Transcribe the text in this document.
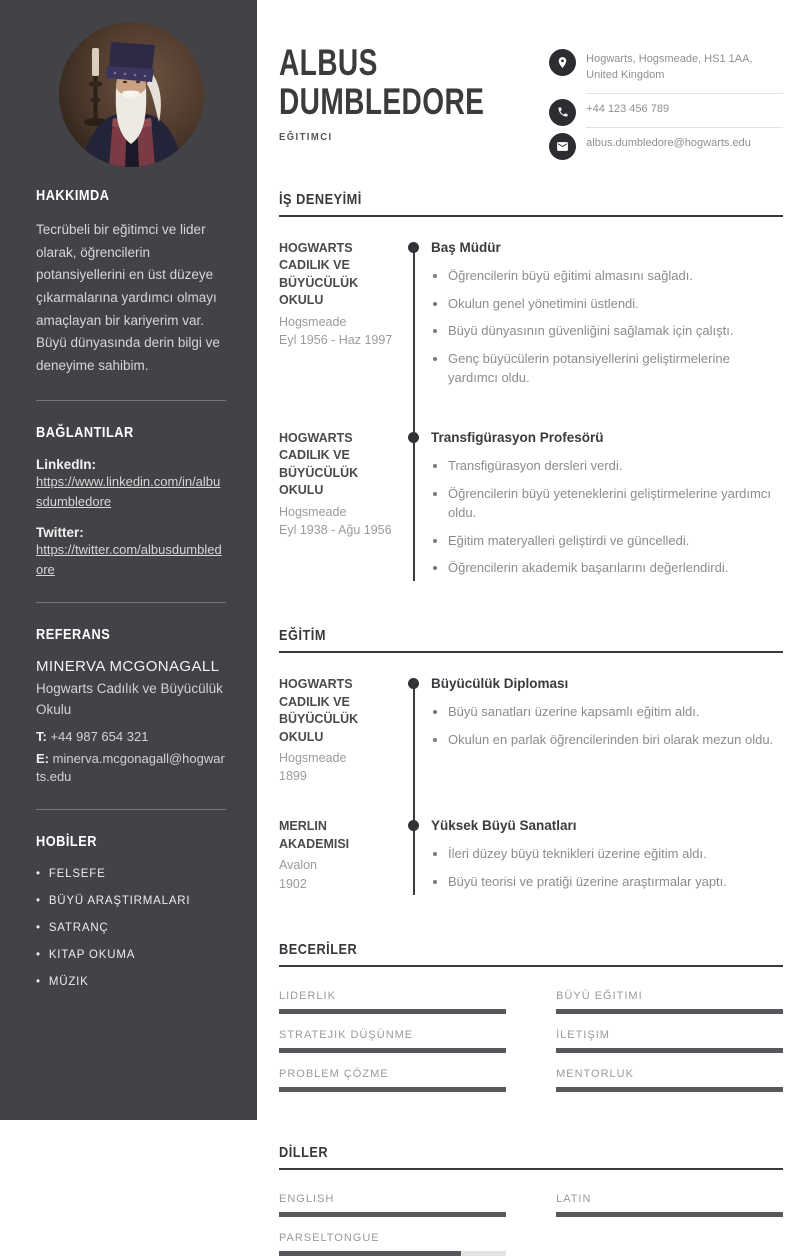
HAKKIMDA

Tecrübeli bir eğitimci ve lider olarak, öğrencilerin potansiyellerini en üst düzeye çıkarmalarına yardımcı olmayı amaçlayan bir kariyerim var. Büyü dünyasında derin bilgi ve deneyime sahibim.

BAĞLANTILAR
LinkedIn:
https://www.linkedin.com/in/albusdumbledore
Twitter:
https://twitter.com/albusdumbledore
REFERANS
MINERVA MCGONAGALL
Hogwarts Cadılık ve Büyücülük Okulu
T: +44 987 654 321
E: minerva.mcgonagall@hogwarts.edu
HOBİLER
• FELSEFE
• BÜYÜ ARAŞTIRMALARI
• SATRANÇ
• KITAP OKUMA
• MÜZIK
ALBUS
DUMBLEDORE
EĞITIMCI
Hogwarts, Hogsmeade, HS1 1AA,
United Kingdom
+44 123 456 789
albus.dumbledore@hogwarts.edu
İŞ DENEYİMİ
HOGWARTS CADILIK VE BÜYÜCÜLÜK OKULU
Hogsmeade
Eyl 1956 - Haz 1997
Baş Müdür
• Öğrencilerin büyü eğitimi almasını sağladı.
• Okulun genel yönetimini üstlendi.
• Büyü dünyasının güvenliğini sağlamak için çalıştı.
• Genç büyücülerin potansiyellerini geliştirmelerine yardımcı oldu.
HOGWARTS CADILIK VE BÜYÜCÜLÜK OKULU
Hogsmeade
Eyl 1938 - Ağu 1956
Transfigürasyon Profesörü
• Transfigürasyon dersleri verdi.
• Öğrencilerin büyü yeteneklerini geliştirmelerine yardımcı oldu.
• Eğitim materyalleri geliştirdi ve güncelledi.
• Öğrencilerin akademik başarılarını değerlendirdi.
EĞİTİM
HOGWARTS CADILIK VE BÜYÜCÜLÜK OKULU
Hogsmeade
1899
Büyücülük Diploması
• Büyü sanatları üzerine kapsamlı eğitim aldı.
• Okulun en parlak öğrencilerinden biri olarak mezun oldu.
MERLIN AKADEMISI
Avalon
1902
Yüksek Büyü Sanatları
• İleri düzey büyü teknikleri üzerine eğitim aldı.
• Büyü teorisi ve pratiği üzerine araştırmalar yaptı.
BECERİLER
LIDERLIK	BÜYÜ EĞITIMI
STRATEJIK DÜŞÜNME	İLETIŞIM
PROBLEM ÇÖZME	MENTORLUK
DİLLER
ENGLISH	LATIN
PARSELTONGUE
